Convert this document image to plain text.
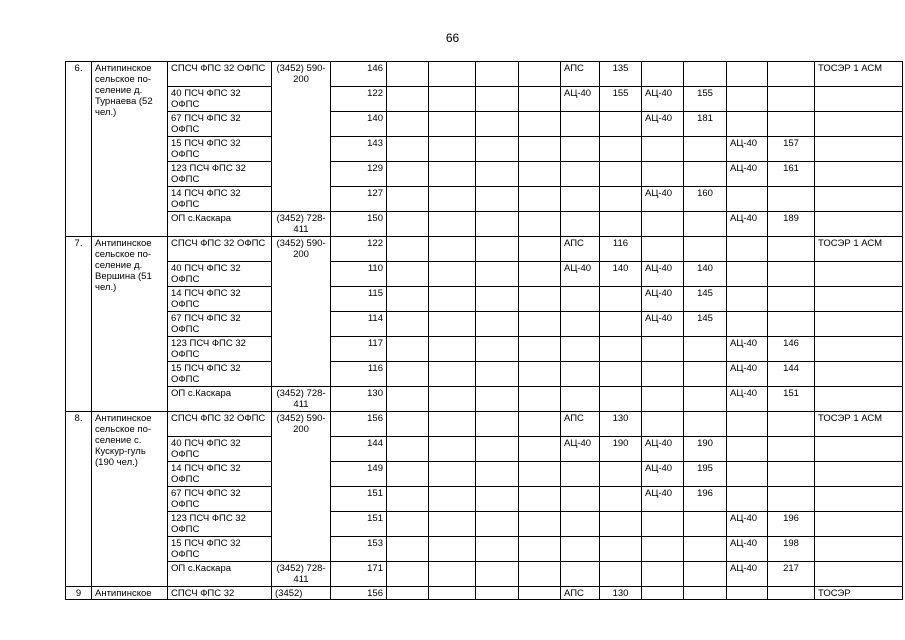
66
6.	Антипинское сельское по-селение д. Турнаева (52 чел.)	СПСЧ ФПС 32 ОФПС	(3452) 590-200	146					АПС	135					ТОСЭР 1 АСМ
		40 ПСЧ ФПС 32 ОФПС		122					АЦ-40	155	АЦ-40	155			
		67 ПСЧ ФПС 32 ОФПС		140							АЦ-40	181			
		15 ПСЧ ФПС 32 ОФПС		143									АЦ-40	157	
		123 ПСЧ ФПС 32 ОФПС		129									АЦ-40	161	
		14 ПСЧ ФПС 32 ОФПС		127							АЦ-40	160			
		ОП с.Каскара	(3452) 728-411	150									АЦ-40	189	
7.	Антипинское сельское по-селение д. Вершина (51 чел.)	СПСЧ ФПС 32 ОФПС	(3452) 590-200	122					АПС	116					ТОСЭР 1 АСМ
		40 ПСЧ ФПС 32 ОФПС		110					АЦ-40	140	АЦ-40	140			
		14 ПСЧ ФПС 32 ОФПС		115							АЦ-40	145			
		67 ПСЧ ФПС 32 ОФПС		114							АЦ-40	145			
		123 ПСЧ ФПС 32 ОФПС		117									АЦ-40	146	
		15 ПСЧ ФПС 32 ОФПС		116									АЦ-40	144	
		ОП с.Каскара	(3452) 728-411	130									АЦ-40	151	
8.	Антипинское сельское по-селение с. Кускур-гуль (190 чел.)	СПСЧ ФПС 32 ОФПС	(3452) 590-200	156					АПС	130					ТОСЭР 1 АСМ
		40 ПСЧ ФПС 32 ОФПС		144					АЦ-40	190	АЦ-40	190			
		14 ПСЧ ФПС 32 ОФПС		149							АЦ-40	195			
		67 ПСЧ ФПС 32 ОФПС		151							АЦ-40	196			
		123 ПСЧ ФПС 32 ОФПС		151									АЦ-40	196	
		15 ПСЧ ФПС 32 ОФПС		153									АЦ-40	198	
		ОП с.Каскара	(3452) 728-411	171									АЦ-40	217	
9	Антипинское	СПСЧ ФПС 32	(3452)	156					АПС	130					ТОСЭР
